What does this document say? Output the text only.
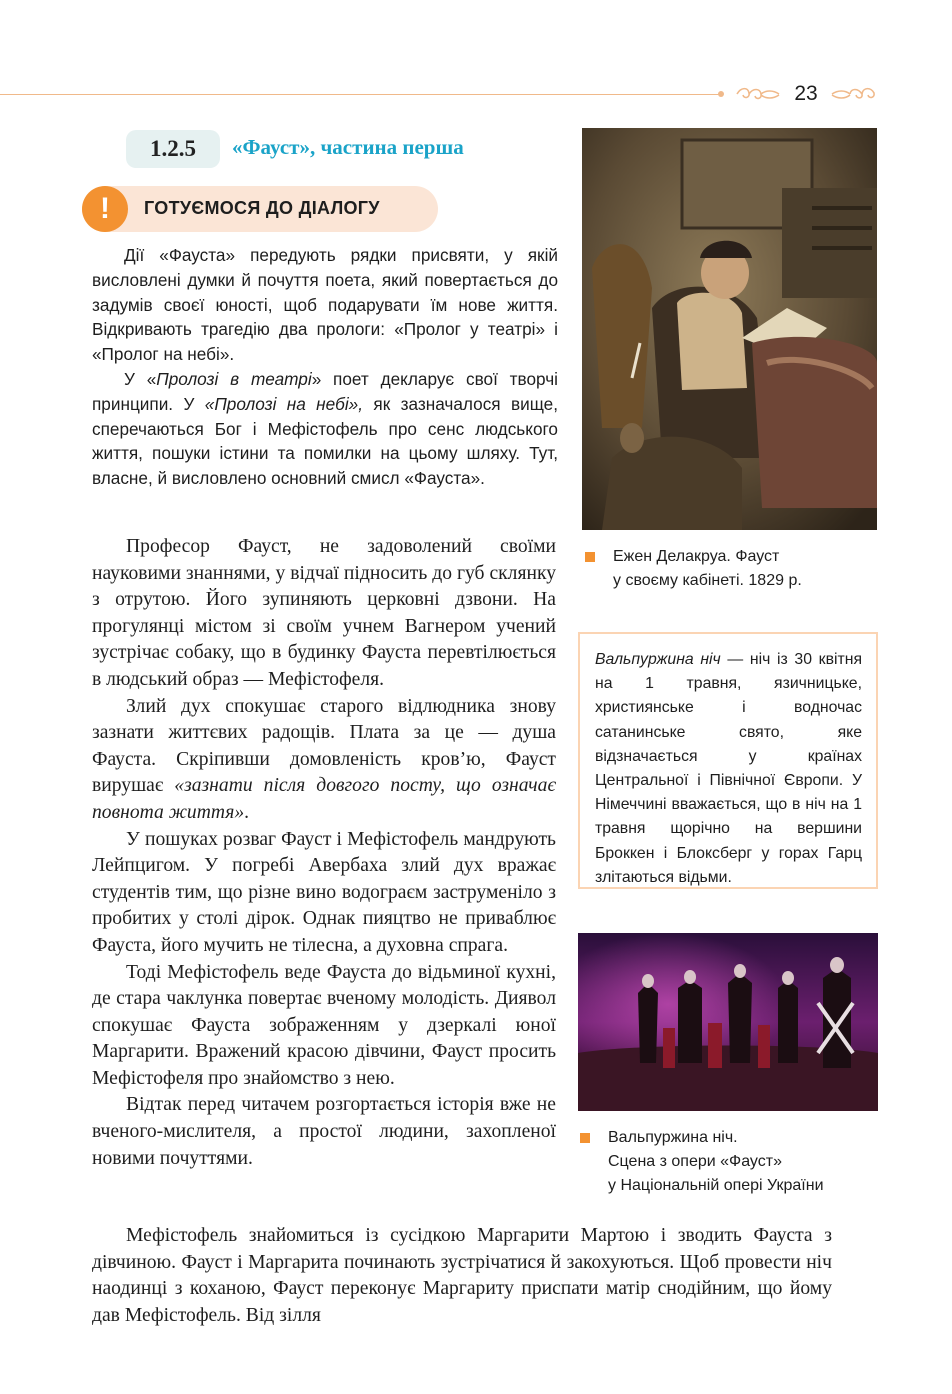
23
1.2.5	«Фауст», частина перша
!	ГОТУЄМОСЯ ДО ДІАЛОГУ

Дії «Фауста» передують рядки присвяти, у якій висловлені думки й почуття поета, який повертається до задумів своєї юності, щоб подарувати їм нове життя. Відкривають трагедію два прологи: «Пролог у театрі» і «Пролог на небі».

У «Пролозі в театрі» поет декларує свої творчі принципи. У «Пролозі на небі», як зазначалося вище, сперечаються Бог і Мефістофель про сенс людського життя, пошуки істини та помилки на цьому шляху. Тут, власне, й висловлено основний смисл «Фауста».

Професор Фауст, не задоволений своїми науковими знаннями, у відчаї підносить до губ склянку з отрутою. Його зупиняють церковні дзвони. На прогулянці містом зі своїм учнем Вагнером учений зустрічає собаку, що в будинку Фауста перевтілюється в людський образ — Мефістофеля.

Злий дух спокушає старого відлюдника знову зазнати життєвих радощів. Плата за це — душа Фауста. Скріпивши домовленість кров’ю, Фауст вирушає «зазнати після довгого посту, що означає повнота життя».

У пошуках розваг Фауст і Мефістофель мандрують Лейпцигом. У погребі Авербаха злий дух вражає студентів тим, що різне вино водограєм заструменіло з пробитих у столі дірок. Однак пияцтво не приваблює Фауста, його мучить не тілесна, а духовна спрага.

Тоді Мефістофель веде Фауста до відьминої кухні, де стара чаклунка повертає вченому молодість. Диявол спокушає Фауста зображенням у дзеркалі юної Маргарити. Вражений красою дівчини, Фауст просить Мефістофеля про знайомство з нею.

Відтак перед читачем розгортається історія вже не вченого-мислителя, а простої людини, захопленої новими почуттями.

Мефістофель знайомиться із сусідкою Маргарити Мартою і зводить Фауста з дівчиною. Фауст і Маргарита починають зустрічатися й закохуються. Щоб провести ніч наодинці з коханою, Фауст переконує Маргариту приспати матір снодійним, що йому дав Мефістофель. Від зілля

Ежен Делакруа. Фауст
у своєму кабінеті. 1829 р.
Вальпуржина ніч — ніч із 30 квітня на 1 травня, язичницьке, християнське і водночас сатанинське свято, яке відзначається у країнах Центральної і Північної Європи. У Німеччині вважається, що в ніч на 1 травня щорічно на вершини Броккен і Блоксберг у горах Гарц злітаються відьми.
Вальпуржина ніч.
Сцена з опери «Фауст»
у Національній опері України
